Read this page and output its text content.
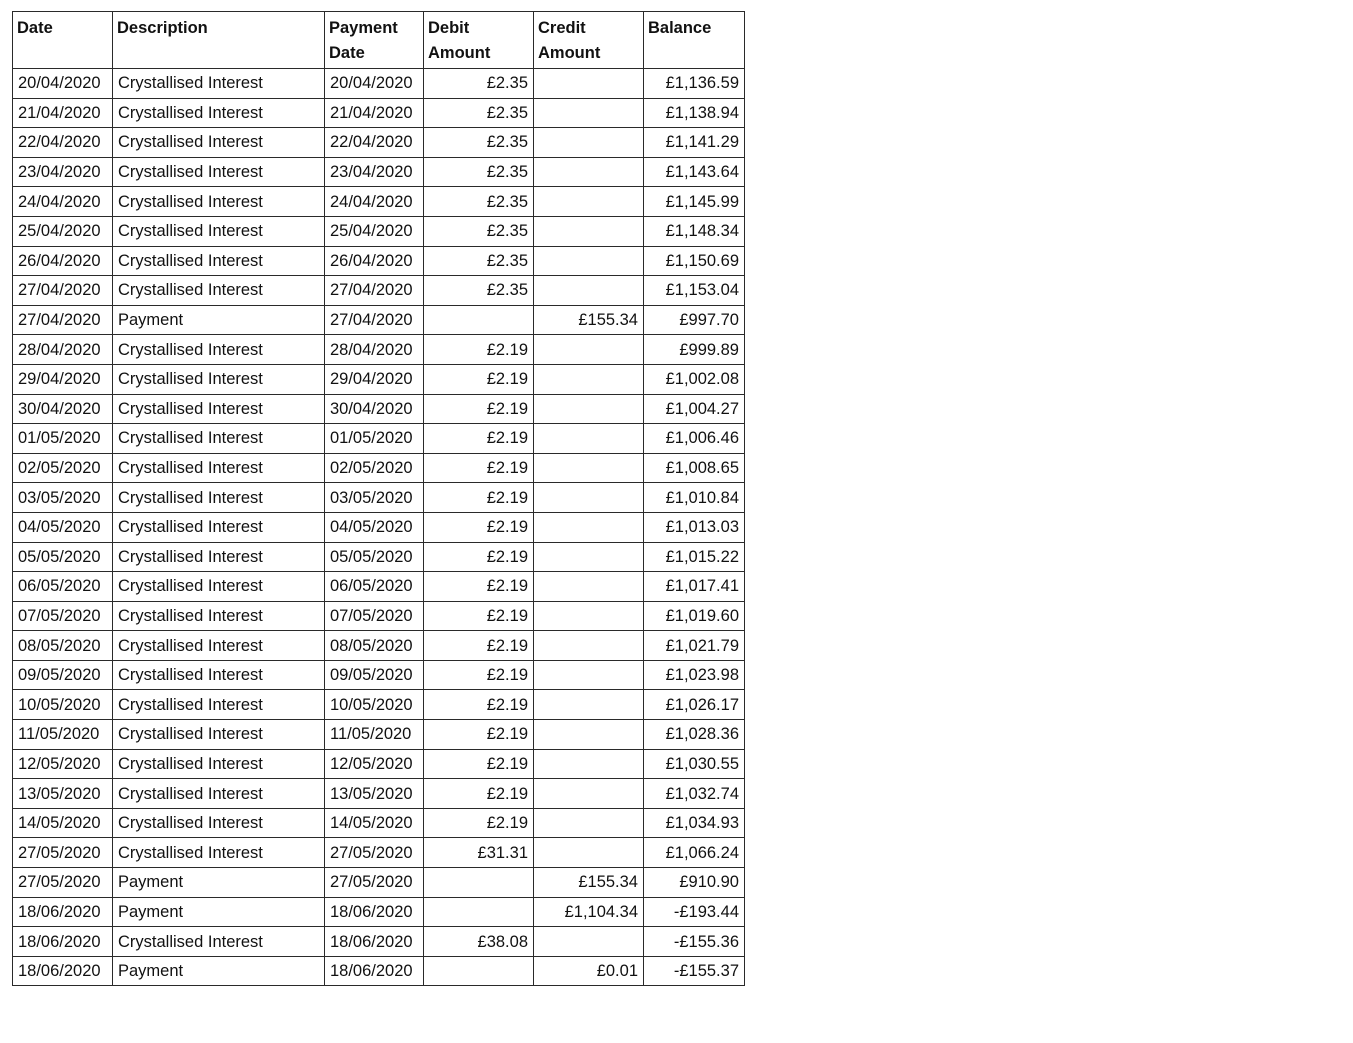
Date	Description	Payment Date	Debit Amount	Credit Amount	Balance
20/04/2020	Crystallised Interest	20/04/2020	£2.35		£1,136.59
21/04/2020	Crystallised Interest	21/04/2020	£2.35		£1,138.94
22/04/2020	Crystallised Interest	22/04/2020	£2.35		£1,141.29
23/04/2020	Crystallised Interest	23/04/2020	£2.35		£1,143.64
24/04/2020	Crystallised Interest	24/04/2020	£2.35		£1,145.99
25/04/2020	Crystallised Interest	25/04/2020	£2.35		£1,148.34
26/04/2020	Crystallised Interest	26/04/2020	£2.35		£1,150.69
27/04/2020	Crystallised Interest	27/04/2020	£2.35		£1,153.04
27/04/2020	Payment	27/04/2020		£155.34	£997.70
28/04/2020	Crystallised Interest	28/04/2020	£2.19		£999.89
29/04/2020	Crystallised Interest	29/04/2020	£2.19		£1,002.08
30/04/2020	Crystallised Interest	30/04/2020	£2.19		£1,004.27
01/05/2020	Crystallised Interest	01/05/2020	£2.19		£1,006.46
02/05/2020	Crystallised Interest	02/05/2020	£2.19		£1,008.65
03/05/2020	Crystallised Interest	03/05/2020	£2.19		£1,010.84
04/05/2020	Crystallised Interest	04/05/2020	£2.19		£1,013.03
05/05/2020	Crystallised Interest	05/05/2020	£2.19		£1,015.22
06/05/2020	Crystallised Interest	06/05/2020	£2.19		£1,017.41
07/05/2020	Crystallised Interest	07/05/2020	£2.19		£1,019.60
08/05/2020	Crystallised Interest	08/05/2020	£2.19		£1,021.79
09/05/2020	Crystallised Interest	09/05/2020	£2.19		£1,023.98
10/05/2020	Crystallised Interest	10/05/2020	£2.19		£1,026.17
11/05/2020	Crystallised Interest	11/05/2020	£2.19		£1,028.36
12/05/2020	Crystallised Interest	12/05/2020	£2.19		£1,030.55
13/05/2020	Crystallised Interest	13/05/2020	£2.19		£1,032.74
14/05/2020	Crystallised Interest	14/05/2020	£2.19		£1,034.93
27/05/2020	Crystallised Interest	27/05/2020	£31.31		£1,066.24
27/05/2020	Payment	27/05/2020		£155.34	£910.90
18/06/2020	Payment	18/06/2020		£1,104.34	-£193.44
18/06/2020	Crystallised Interest	18/06/2020	£38.08		-£155.36
18/06/2020	Payment	18/06/2020		£0.01	-£155.37
